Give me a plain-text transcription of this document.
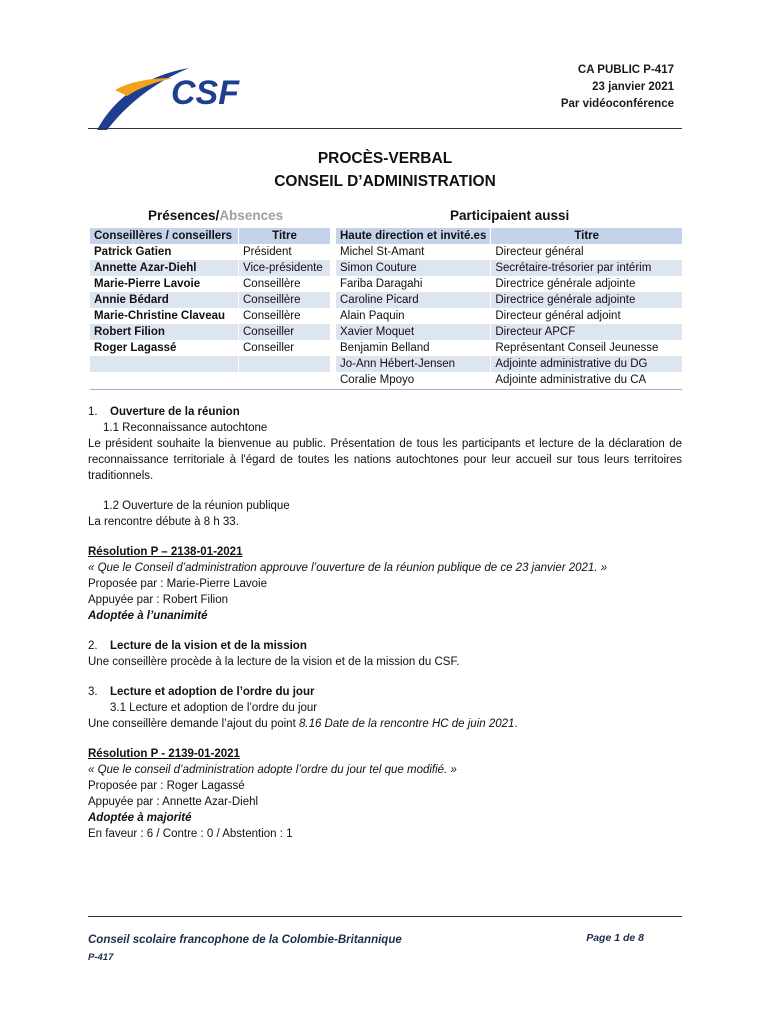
CSF
CA PUBLIC P-417
23 janvier 2021
Par vidéoconférence
PROCÈS-VERBAL
CONSEIL D’ADMINISTRATION
Présences/Absences	Participaient aussi
Conseillères / conseillers	Titre
Patrick Gatien	Président
Annette Azar-Diehl	Vice-présidente
Marie-Pierre Lavoie	Conseillère
Annie Bédard	Conseillère
Marie-Christine Claveau	Conseillère
Robert Filion	Conseiller
Roger Lagassé	Conseiller

Haute direction et invité.es	Titre
Michel St-Amant	Directeur général
Simon Couture	Secrétaire-trésorier par intérim
Fariba Daragahi	Directrice générale adjointe
Caroline Picard	Directrice générale adjointe
Alain Paquin	Directeur général adjoint
Xavier Moquet	Directeur APCF
Benjamin Belland	Représentant Conseil Jeunesse
Jo-Ann Hébert-Jensen	Adjointe administrative du DG
Coralie Mpoyo	Adjointe administrative du CA

1. Ouverture de la réunion

1.1 Reconnaissance autochtone

Le président souhaite la bienvenue au public. Présentation de tous les participants et lecture de la déclaration de reconnaissance territoriale à l'égard de toutes les nations autochtones pour leur accueil sur tous leurs territoires traditionnels.

1.2 Ouverture de la réunion publique

La rencontre débute à 8 h 33.

Résolution P – 2138-01-2021

« Que le Conseil d’administration approuve l’ouverture de la réunion publique de ce 23 janvier 2021. »

Proposée par : Marie-Pierre Lavoie

Appuyée par : Robert Filion

Adoptée à l’unanimité

2. Lecture de la vision et de la mission

Une conseillère procède à la lecture de la vision et de la mission du CSF.

3. Lecture et adoption de l’ordre du jour

3.1 Lecture et adoption de l’ordre du jour

Une conseillère demande l’ajout du point 8.16 Date de la rencontre HC de juin 2021.

Résolution P - 2139-01-2021

« Que le conseil d’administration adopte l’ordre du jour tel que modifié. »

Proposée par : Roger Lagassé

Appuyée par : Annette Azar-Diehl

Adoptée à majorité

En faveur : 6 / Contre : 0 / Abstention : 1

Conseil scolaire francophone de la Colombie-Britannique
P-417
Page 1 de 8
